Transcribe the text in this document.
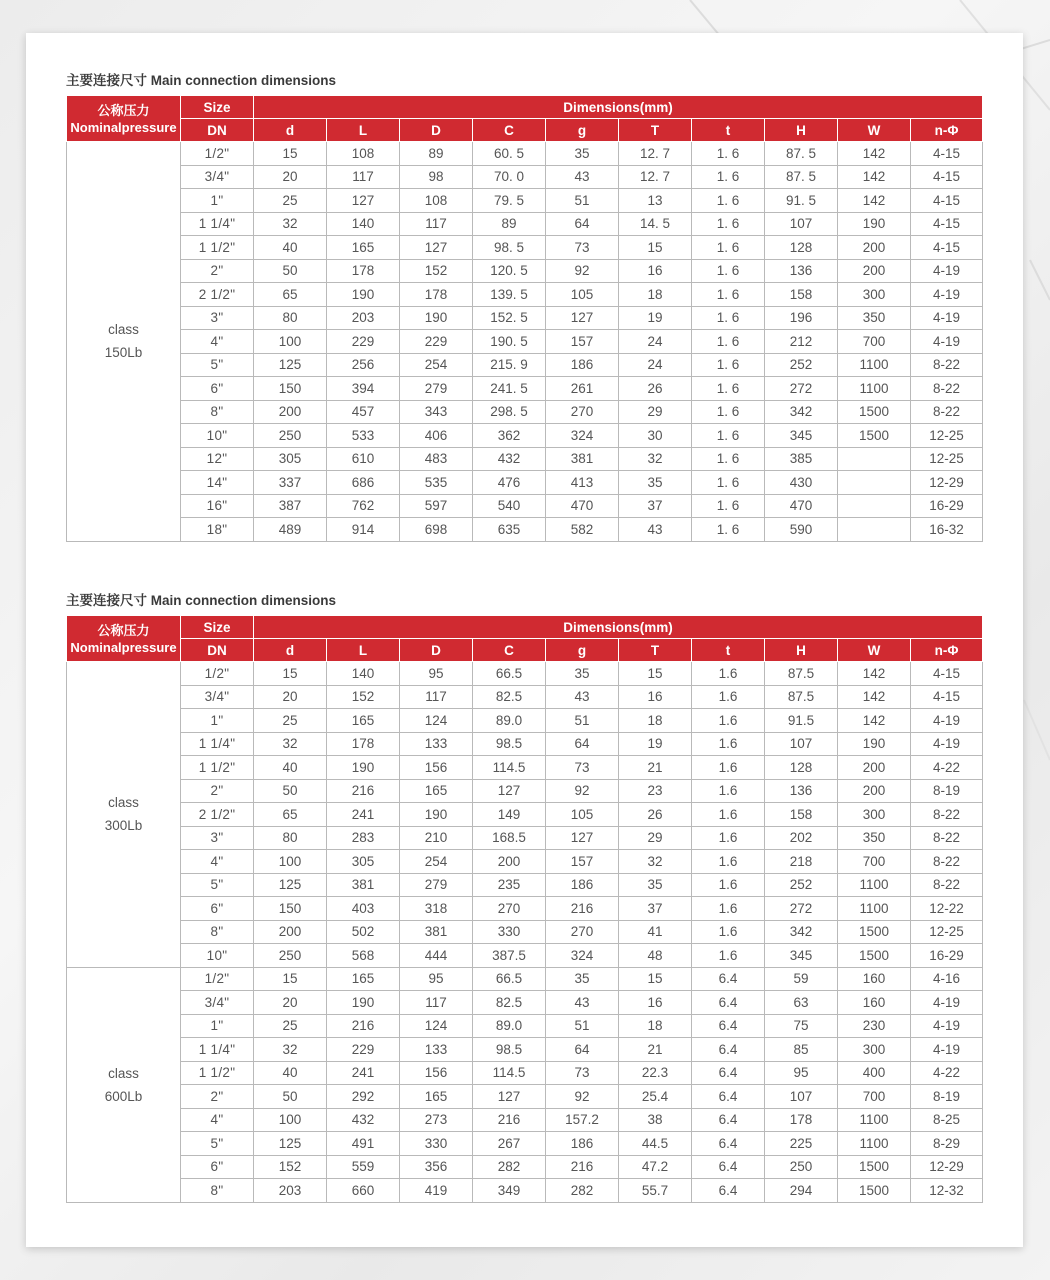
主要连接尺寸 Main connection dimensions
公称压力
Nominalpressure	Size	Dimensions(mm)									
	DN	d	L	D	C	g	T	t	H	W	n-Φ

class
150Lb	1/2"	15	108	89	60. 5	35	12. 7	1. 6	87. 5	142	4-15
	3/4"	20	117	98	70. 0	43	12. 7	1. 6	87. 5	142	4-15
	1"	25	127	108	79. 5	51	13	1. 6	91. 5	142	4-15
	1 1/4"	32	140	117	89	64	14. 5	1. 6	107	190	4-15
	1 1/2"	40	165	127	98. 5	73	15	1. 6	128	200	4-15
	2"	50	178	152	120. 5	92	16	1. 6	136	200	4-19
	2 1/2"	65	190	178	139. 5	105	18	1. 6	158	300	4-19
	3"	80	203	190	152. 5	127	19	1. 6	196	350	4-19
	4"	100	229	229	190. 5	157	24	1. 6	212	700	4-19
	5"	125	256	254	215. 9	186	24	1. 6	252	1100	8-22
	6"	150	394	279	241. 5	261	26	1. 6	272	1100	8-22
	8"	200	457	343	298. 5	270	29	1. 6	342	1500	8-22
	10"	250	533	406	362	324	30	1. 6	345	1500	12-25
	12"	305	610	483	432	381	32	1. 6	385		12-25
	14"	337	686	535	476	413	35	1. 6	430		12-29
	16"	387	762	597	540	470	37	1. 6	470		16-29
	18"	489	914	698	635	582	43	1. 6	590		16-32
主要连接尺寸 Main connection dimensions
公称压力
Nominalpressure	Size	Dimensions(mm)									
	DN	d	L	D	C	g	T	t	H	W	n-Φ

class
300Lb	1/2"	15	140	95	66.5	35	15	1.6	87.5	142	4-15
	3/4"	20	152	117	82.5	43	16	1.6	87.5	142	4-15
	1"	25	165	124	89.0	51	18	1.6	91.5	142	4-19
	1 1/4"	32	178	133	98.5	64	19	1.6	107	190	4-19
	1 1/2"	40	190	156	114.5	73	21	1.6	128	200	4-22
	2"	50	216	165	127	92	23	1.6	136	200	8-19
	2 1/2"	65	241	190	149	105	26	1.6	158	300	8-22
	3"	80	283	210	168.5	127	29	1.6	202	350	8-22
	4"	100	305	254	200	157	32	1.6	218	700	8-22
	5"	125	381	279	235	186	35	1.6	252	1100	8-22
	6"	150	403	318	270	216	37	1.6	272	1100	12-22
	8"	200	502	381	330	270	41	1.6	342	1500	12-25
	10"	250	568	444	387.5	324	48	1.6	345	1500	16-29

class
600Lb	1/2"	15	165	95	66.5	35	15	6.4	59	160	4-16
	3/4"	20	190	117	82.5	43	16	6.4	63	160	4-19
	1"	25	216	124	89.0	51	18	6.4	75	230	4-19
	1 1/4"	32	229	133	98.5	64	21	6.4	85	300	4-19
	1 1/2"	40	241	156	114.5	73	22.3	6.4	95	400	4-22
	2"	50	292	165	127	92	25.4	6.4	107	700	8-19
	4"	100	432	273	216	157.2	38	6.4	178	1100	8-25
	5"	125	491	330	267	186	44.5	6.4	225	1100	8-29
	6"	152	559	356	282	216	47.2	6.4	250	1500	12-29
	8"	203	660	419	349	282	55.7	6.4	294	1500	12-32
